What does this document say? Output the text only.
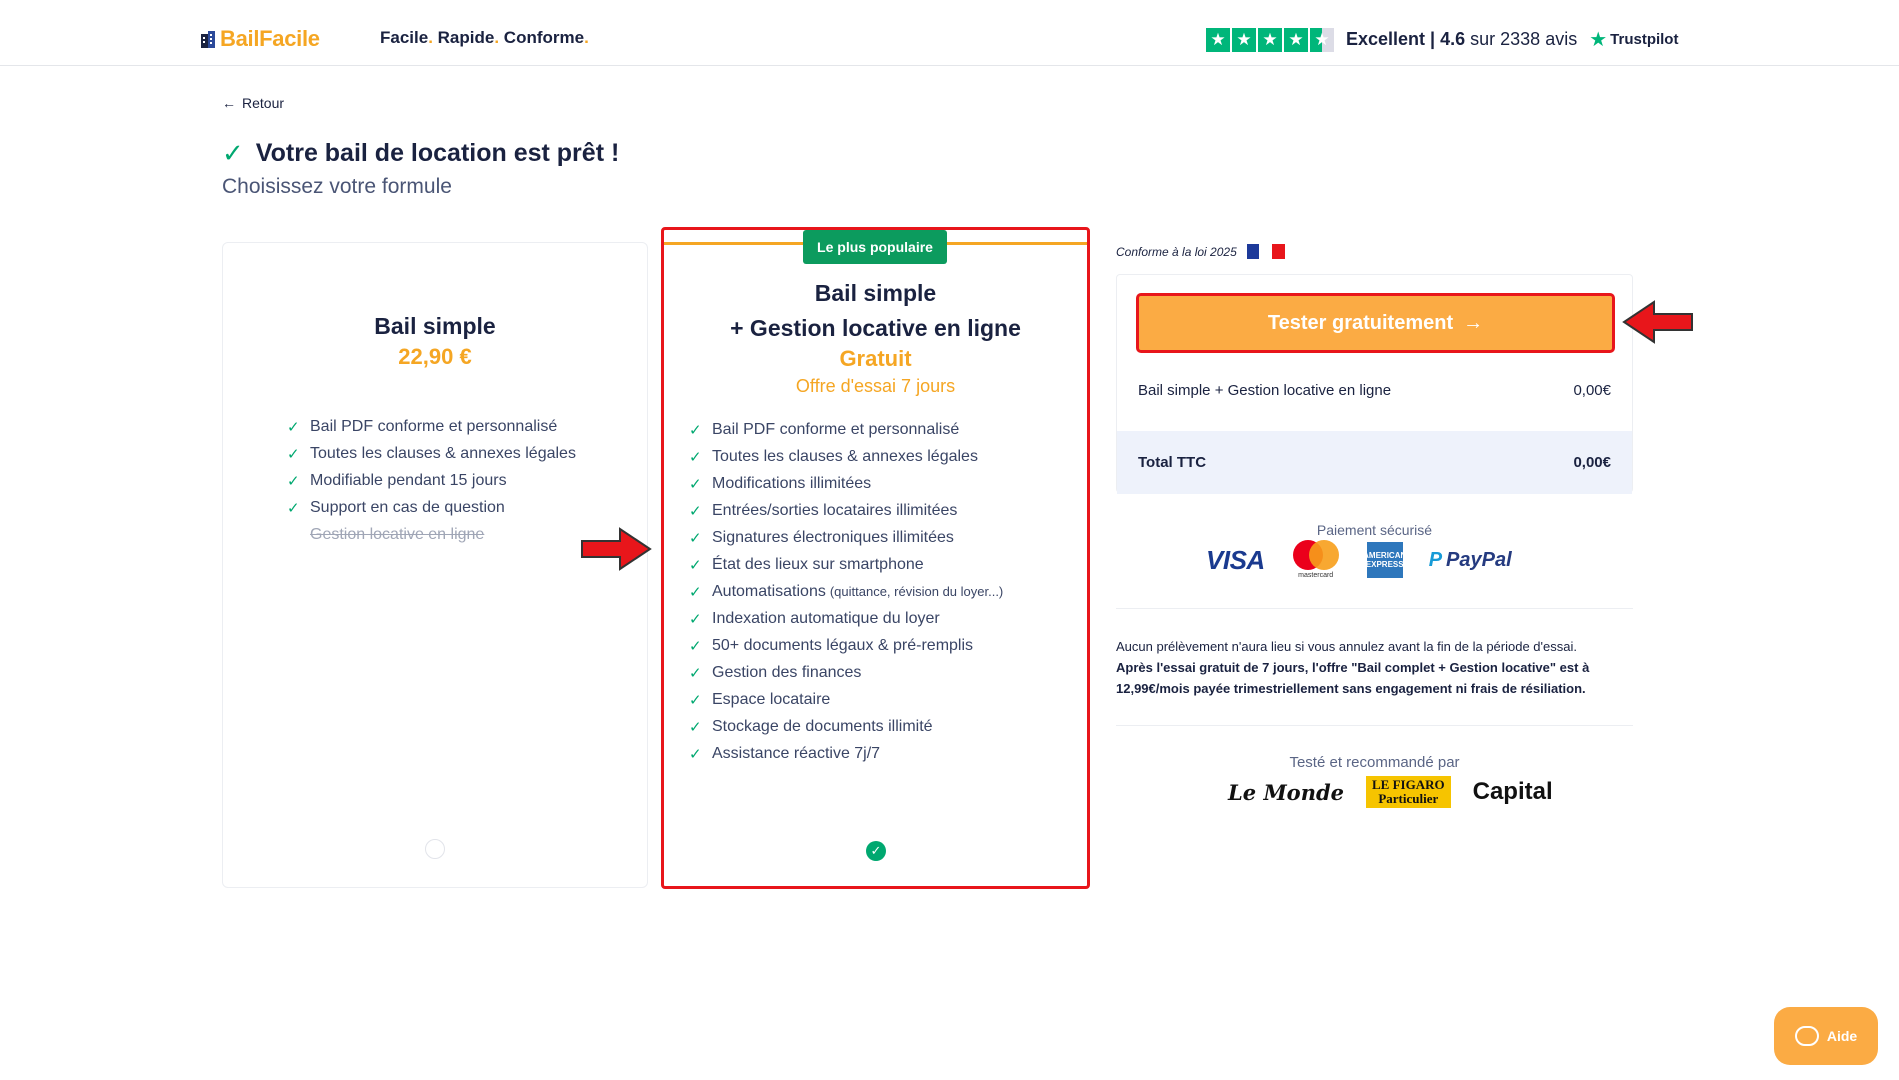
BailFacile	Facile. Rapide. Conforme.	★ ★ ★ ★ ★ Excellent | 4.6 sur 2338 avis ★ Trustpilot
← Retour
✓ Votre bail de location est prêt !
Choisissez votre formule
Bail simple
22,90 €
✓ Bail PDF conforme et personnalisé
✓ Toutes les clauses & annexes légales
✓ Modifiable pendant 15 jours
✓ Support en cas de question
Gestion locative en ligne
Le plus populaire
Bail simple
+ Gestion locative en ligne
Gratuit
Offre d'essai 7 jours
✓ Bail PDF conforme et personnalisé
✓ Toutes les clauses & annexes légales
✓ Modifications illimitées
✓ Entrées/sorties locataires illimitées
✓ Signatures électroniques illimitées
✓ État des lieux sur smartphone
✓ Automatisations (quittance, révision du loyer...)
✓ Indexation automatique du loyer
✓ 50+ documents légaux & pré-remplis
✓ Gestion des finances
✓ Espace locataire
✓ Stockage de documents illimité
✓ Assistance réactive 7j/7
✓
Conforme à la loi 2025
Tester gratuitement →
Bail simple + Gestion locative en ligne	0,00€
Total TTC	0,00€
Paiement sécurisé
VISA
mastercard
AMERICAN EXPRESS P PayPal
Aucun prélèvement n'aura lieu si vous annulez avant la fin de la période d'essai.
Après l'essai gratuit de 7 jours, l'offre "Bail complet + Gestion locative" est à 12,99€/mois payée trimestriellement sans engagement ni frais de résiliation.
Testé et recommandé par
Le Monde LE FIGARO
Particulier Capital
Aide
